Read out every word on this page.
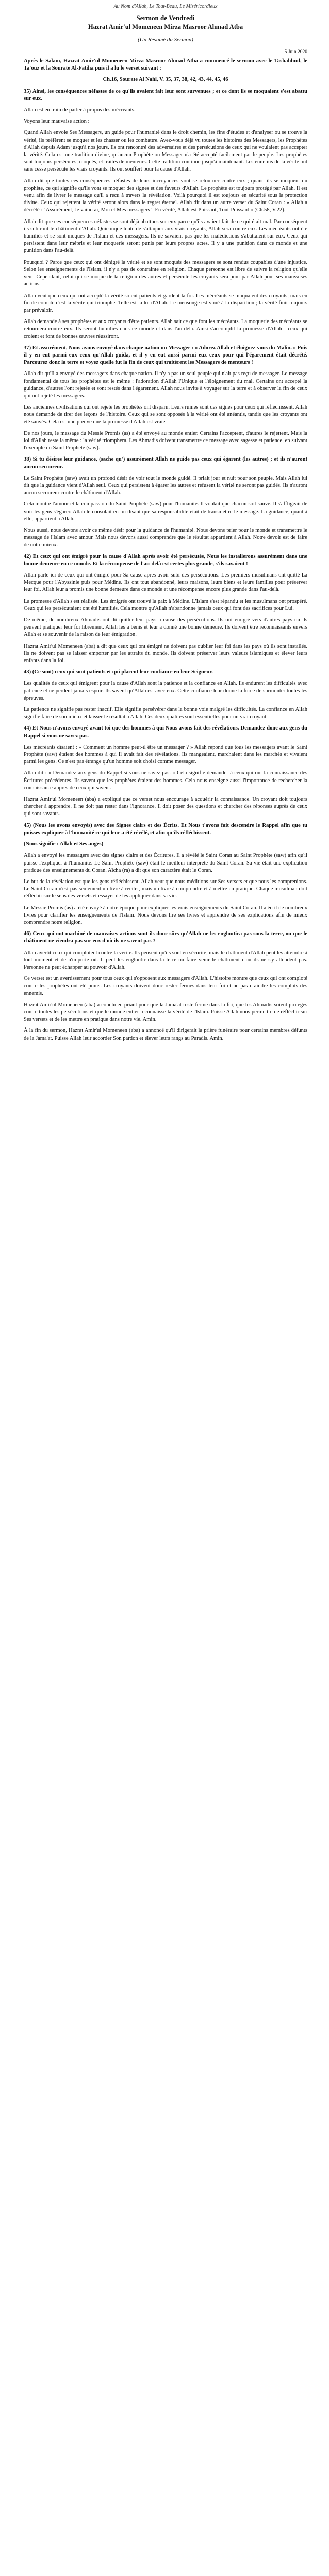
Au Nom d'Allah, Le Tout-Beau, Le Miséricordieux
Sermon de Vendredi
Hazrat Amir'ul Momeneen Mirza Masroor Ahmad Atba
(Un Résumé du Sermon)
5 Juin 2020

Après le Salam, Hazrat Amir'ul Momeneen Mirza Masroor Ahmad Atba a commencé le sermon avec le Tashahhud, le Ta'ouz et la Sourate Al-Fatiha puis il a lu le verset suivant :

Ch.16, Sourate Al Nahl, V. 35, 37, 38, 42, 43, 44, 45, 46

35) Ainsi, les conséquences néfastes de ce qu'ils avaient fait leur sont survenues ; et ce dont ils se moquaient s'est abattu sur eux.

Allah est en train de parler à propos des mécréants.

Voyons leur mauvaise action :

Quand Allah envoie Ses Messagers, un guide pour l'humanité dans le droit chemin, les fins d'études et d'analyser ou se trouve la vérité, ils préfèrent se moquer et les chasser ou les combattre. Avez-vous déjà vu toutes les histoires des Messagers, les Prophètes d'Allah depuis Adam jusqu'à nos jours. Ils ont rencontré des adversaires et des persécutions de ceux qui ne voulaient pas accepter la vérité. Cela est une tradition divine, qu'aucun Prophète ou Messager n'a été accepté facilement par le peuple. Les prophètes sont toujours persécutés, moqués, et traités de menteurs. Cette tradition continue jusqu'à maintenant. Les ennemis de la vérité ont sans cesse persécuté les vrais croyants. Ils ont souffert pour la cause d'Allah.

Allah dit que toutes ces conséquences néfastes de leurs incroyances vont se retourner contre eux ; quand ils se moquent du prophète, ce qui signifie qu'ils vont se moquer des signes et des faveurs d'Allah. Le prophète est toujours protégé par Allah. Il est venu afin de livrer le message qu'il a reçu à travers la révélation. Voilà pourquoi il est toujours en sécurité sous la protection divine. Ceux qui rejettent la vérité seront alors dans le regret éternel. Allah dit dans un autre verset du Saint Coran : « Allah a décrété : ' Assurément, Je vaincrai, Moi et Mes messagers '. En vérité, Allah est Puissant, Tout-Puissant » (Ch.58, V.22).

Allah dit que ces conséquences néfastes se sont déjà abattues sur eux parce qu'ils avaient fait de ce qui était mal. Par conséquent ils subiront le châtiment d'Allah. Quiconque tente de s'attaquer aux vrais croyants, Allah sera contre eux. Les mécréants ont été humiliés et se sont moqués de l'Islam et des messagers. Ils ne savaient pas que les malédictions s'abattaient sur eux. Ceux qui persistent dans leur mépris et leur moquerie seront punis par leurs propres actes. Il y a une punition dans ce monde et une punition dans l'au-delà.

Pourquoi ? Parce que ceux qui ont dénigré la vérité et se sont moqués des messagers se sont rendus coupables d'une injustice. Selon les enseignements de l'Islam, il n'y a pas de contrainte en religion. Chaque personne est libre de suivre la religion qu'elle veut. Cependant, celui qui se moque de la religion des autres et persécute les croyants sera puni par Allah pour ses mauvaises actions.

Allah veut que ceux qui ont accepté la vérité soient patients et gardent la foi. Les mécréants se moquaient des croyants, mais en fin de compte c'est la vérité qui triomphe. Telle est la loi d'Allah. Le mensonge est voué à la disparition ; la vérité finit toujours par prévaloir.

Allah demande à ses prophètes et aux croyants d'être patients. Allah sait ce que font les mécréants. La moquerie des mécréants se retournera contre eux. Ils seront humiliés dans ce monde et dans l'au-delà. Ainsi s'accomplit la promesse d'Allah : ceux qui croient et font de bonnes œuvres réussiront.

37) Et assurément, Nous avons envoyé dans chaque nation un Messager : « Adorez Allah et éloignez-vous du Malin. » Puis il y en eut parmi eux ceux qu'Allah guida, et il y en eut aussi parmi eux ceux pour qui l'égarement était décrété. Parcourez donc la terre et voyez quelle fut la fin de ceux qui traitèrent les Messagers de menteurs !

Allah dit qu'Il a envoyé des messagers dans chaque nation. Il n'y a pas un seul peuple qui n'ait pas reçu de messager. Le message fondamental de tous les prophètes est le même : l'adoration d'Allah l'Unique et l'éloignement du mal. Certains ont accepté la guidance, d'autres l'ont rejetée et sont restés dans l'égarement. Allah nous invite à voyager sur la terre et à observer la fin de ceux qui ont rejeté les messagers.

Les anciennes civilisations qui ont rejeté les prophètes ont disparu. Leurs ruines sont des signes pour ceux qui réfléchissent. Allah nous demande de tirer des leçons de l'histoire. Ceux qui se sont opposés à la vérité ont été anéantis, tandis que les croyants ont été sauvés. Cela est une preuve que la promesse d'Allah est vraie.

De nos jours, le message du Messie Promis (as) a été envoyé au monde entier. Certains l'acceptent, d'autres le rejettent. Mais la loi d'Allah reste la même : la vérité triomphera. Les Ahmadis doivent transmettre ce message avec sagesse et patience, en suivant l'exemple du Saint Prophète (saw).

38) Si tu désires leur guidance, (sache qu') assurément Allah ne guide pas ceux qui égarent (les autres) ; et ils n'auront aucun secoureur.

Le Saint Prophète (saw) avait un profond désir de voir tout le monde guidé. Il priait jour et nuit pour son peuple. Mais Allah lui dit que la guidance vient d'Allah seul. Ceux qui persistent à égarer les autres et refusent la vérité ne seront pas guidés. Ils n'auront aucun secoureur contre le châtiment d'Allah.

Cela montre l'amour et la compassion du Saint Prophète (saw) pour l'humanité. Il voulait que chacun soit sauvé. Il s'affligeait de voir les gens s'égarer. Allah le consolait en lui disant que sa responsabilité était de transmettre le message. La guidance, quant à elle, appartient à Allah.

Nous aussi, nous devons avoir ce même désir pour la guidance de l'humanité. Nous devons prier pour le monde et transmettre le message de l'Islam avec amour. Mais nous devons aussi comprendre que le résultat appartient à Allah. Notre devoir est de faire de notre mieux.

42) Et ceux qui ont émigré pour la cause d'Allah après avoir été persécutés, Nous les installerons assurément dans une bonne demeure en ce monde. Et la récompense de l'au-delà est certes plus grande, s'ils savaient !

Allah parle ici de ceux qui ont émigré pour Sa cause après avoir subi des persécutions. Les premiers musulmans ont quitté La Mecque pour l'Abyssinie puis pour Médine. Ils ont tout abandonné, leurs maisons, leurs biens et leurs familles pour préserver leur foi. Allah leur a promis une bonne demeure dans ce monde et une récompense encore plus grande dans l'au-delà.

La promesse d'Allah s'est réalisée. Les émigrés ont trouvé la paix à Médine. L'Islam s'est répandu et les musulmans ont prospéré. Ceux qui les persécutaient ont été humiliés. Cela montre qu'Allah n'abandonne jamais ceux qui font des sacrifices pour Lui.

De même, de nombreux Ahmadis ont dû quitter leur pays à cause des persécutions. Ils ont émigré vers d'autres pays où ils peuvent pratiquer leur foi librement. Allah les a bénis et leur a donné une bonne demeure. Ils doivent être reconnaissants envers Allah et se souvenir de la raison de leur émigration.

Hazrat Amir'ul Momeneen (aba) a dit que ceux qui ont émigré ne doivent pas oublier leur foi dans les pays où ils sont installés. Ils ne doivent pas se laisser emporter par les attraits du monde. Ils doivent préserver leurs valeurs islamiques et élever leurs enfants dans la foi.

43) (Ce sont) ceux qui sont patients et qui placent leur confiance en leur Seigneur.

Les qualités de ceux qui émigrent pour la cause d'Allah sont la patience et la confiance en Allah. Ils endurent les difficultés avec patience et ne perdent jamais espoir. Ils savent qu'Allah est avec eux. Cette confiance leur donne la force de surmonter toutes les épreuves.

La patience ne signifie pas rester inactif. Elle signifie persévérer dans la bonne voie malgré les difficultés. La confiance en Allah signifie faire de son mieux et laisser le résultat à Allah. Ces deux qualités sont essentielles pour un vrai croyant.

44) Et Nous n'avons envoyé avant toi que des hommes à qui Nous avons fait des révélations. Demandez donc aux gens du Rappel si vous ne savez pas.

Les mécréants disaient : « Comment un homme peut-il être un messager ? » Allah répond que tous les messagers avant le Saint Prophète (saw) étaient des hommes à qui Il avait fait des révélations. Ils mangeaient, marchaient dans les marchés et vivaient parmi les gens. Ce n'est pas étrange qu'un homme soit choisi comme messager.

Allah dit : « Demandez aux gens du Rappel si vous ne savez pas. » Cela signifie demander à ceux qui ont la connaissance des Écritures précédentes. Ils savent que les prophètes étaient des hommes. Cela nous enseigne aussi l'importance de rechercher la connaissance auprès de ceux qui savent.

Hazrat Amir'ul Momeneen (aba) a expliqué que ce verset nous encourage à acquérir la connaissance. Un croyant doit toujours chercher à apprendre. Il ne doit pas rester dans l'ignorance. Il doit poser des questions et chercher des réponses auprès de ceux qui sont savants.

45) (Nous les avons envoyés) avec des Signes clairs et des Écrits. Et Nous t'avons fait descendre le Rappel afin que tu puisses expliquer à l'humanité ce qui leur a été révélé, et afin qu'ils réfléchissent.

(Nous signifie : Allah et Ses anges)

Allah a envoyé les messagers avec des signes clairs et des Écritures. Il a révélé le Saint Coran au Saint Prophète (saw) afin qu'il puisse l'expliquer à l'humanité. Le Saint Prophète (saw) était le meilleur interprète du Saint Coran. Sa vie était une explication pratique des enseignements du Coran. Aïcha (ra) a dit que son caractère était le Coran.

Le but de la révélation est que les gens réfléchissent. Allah veut que nous méditions sur Ses versets et que nous les comprenions. Le Saint Coran n'est pas seulement un livre à réciter, mais un livre à comprendre et à mettre en pratique. Chaque musulman doit réfléchir sur le sens des versets et essayer de les appliquer dans sa vie.

Le Messie Promis (as) a été envoyé à notre époque pour expliquer les vrais enseignements du Saint Coran. Il a écrit de nombreux livres pour clarifier les enseignements de l'Islam. Nous devons lire ses livres et apprendre de ses explications afin de mieux comprendre notre religion.

46) Ceux qui ont machiné de mauvaises actions sont-ils donc sûrs qu'Allah ne les engloutira pas sous la terre, ou que le châtiment ne viendra pas sur eux d'où ils ne savent pas ?

Allah avertit ceux qui complotent contre la vérité. Ils pensent qu'ils sont en sécurité, mais le châtiment d'Allah peut les atteindre à tout moment et de n'importe où. Il peut les engloutir dans la terre ou faire venir le châtiment d'où ils ne s'y attendent pas. Personne ne peut échapper au pouvoir d'Allah.

Ce verset est un avertissement pour tous ceux qui s'opposent aux messagers d'Allah. L'histoire montre que ceux qui ont comploté contre les prophètes ont été punis. Les croyants doivent donc rester fermes dans leur foi et ne pas craindre les complots des ennemis.

Hazrat Amir'ul Momeneen (aba) a conclu en priant pour que la Jama'at reste ferme dans la foi, que les Ahmadis soient protégés contre toutes les persécutions et que le monde entier reconnaisse la vérité de l'Islam. Puisse Allah nous permettre de réfléchir sur Ses versets et de les mettre en pratique dans notre vie. Amin.

À la fin du sermon, Hazrat Amir'ul Momeneen (aba) a annoncé qu'il dirigerait la prière funéraire pour certains membres défunts de la Jama'at. Puisse Allah leur accorder Son pardon et élever leurs rangs au Paradis. Amin.
